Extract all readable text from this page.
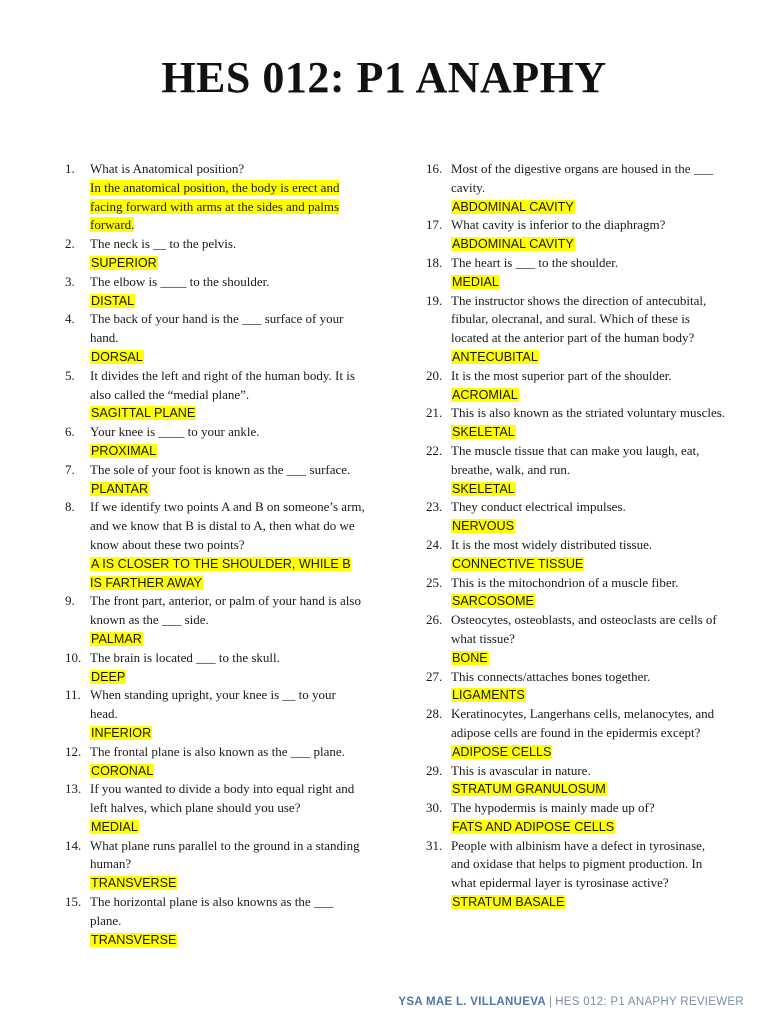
HES 012: P1 ANAPHY
1. What is Anatomical position?
In the anatomical position, the body is erect and facing forward with arms at the sides and palms forward.
2. The neck is __ to the pelvis.
SUPERIOR
3. The elbow is ____ to the shoulder.
DISTAL
4. The back of your hand is the ___ surface of your hand.
DORSAL
5. It divides the left and right of the human body. It is also called the “medial plane”.
SAGITTAL PLANE
6. Your knee is ____ to your ankle.
PROXIMAL
7. The sole of your foot is known as the ___ surface.
PLANTAR
8. If we identify two points A and B on someone’s arm, and we know that B is distal to A, then what do we know about these two points?
A IS CLOSER TO THE SHOULDER, WHILE B IS FARTHER AWAY
9. The front part, anterior, or palm of your hand is also known as the ___ side.
PALMAR
10. The brain is located ___ to the skull.
DEEP
11. When standing upright, your knee is __ to your head.
INFERIOR
12. The frontal plane is also known as the ___ plane.
CORONAL
13. If you wanted to divide a body into equal right and left halves, which plane should you use?
MEDIAL
14. What plane runs parallel to the ground in a standing human?
TRANSVERSE
15. The horizontal plane is also knowns as the ___ plane.
TRANSVERSE
16. Most of the digestive organs are housed in the ___ cavity.
ABDOMINAL CAVITY
17. What cavity is inferior to the diaphragm?
ABDOMINAL CAVITY
18. The heart is ___ to the shoulder.
MEDIAL
19. The instructor shows the direction of antecubital, fibular, olecranal, and sural. Which of these is located at the anterior part of the human body?
ANTECUBITAL
20. It is the most superior part of the shoulder.
ACROMIAL
21. This is also known as the striated voluntary muscles.
SKELETAL
22. The muscle tissue that can make you laugh, eat, breathe, walk, and run.
SKELETAL
23. They conduct electrical impulses.
NERVOUS
24. It is the most widely distributed tissue.
CONNECTIVE TISSUE
25. This is the mitochondrion of a muscle fiber.
SARCOSOME
26. Osteocytes, osteoblasts, and osteoclasts are cells of what tissue?
BONE
27. This connects/attaches bones together.
LIGAMENTS
28. Keratinocytes, Langerhans cells, melanocytes, and adipose cells are found in the epidermis except?
ADIPOSE CELLS
29. This is avascular in nature.
STRATUM GRANULOSUM
30. The hypodermis is mainly made up of?
FATS AND ADIPOSE CELLS
31. People with albinism have a defect in tyrosinase, and oxidase that helps to pigment production. In what epidermal layer is tyrosinase active?
STRATUM BASALE
YSA MAE L. VILLANUEVA | HES 012: P1 ANAPHY REVIEWER
